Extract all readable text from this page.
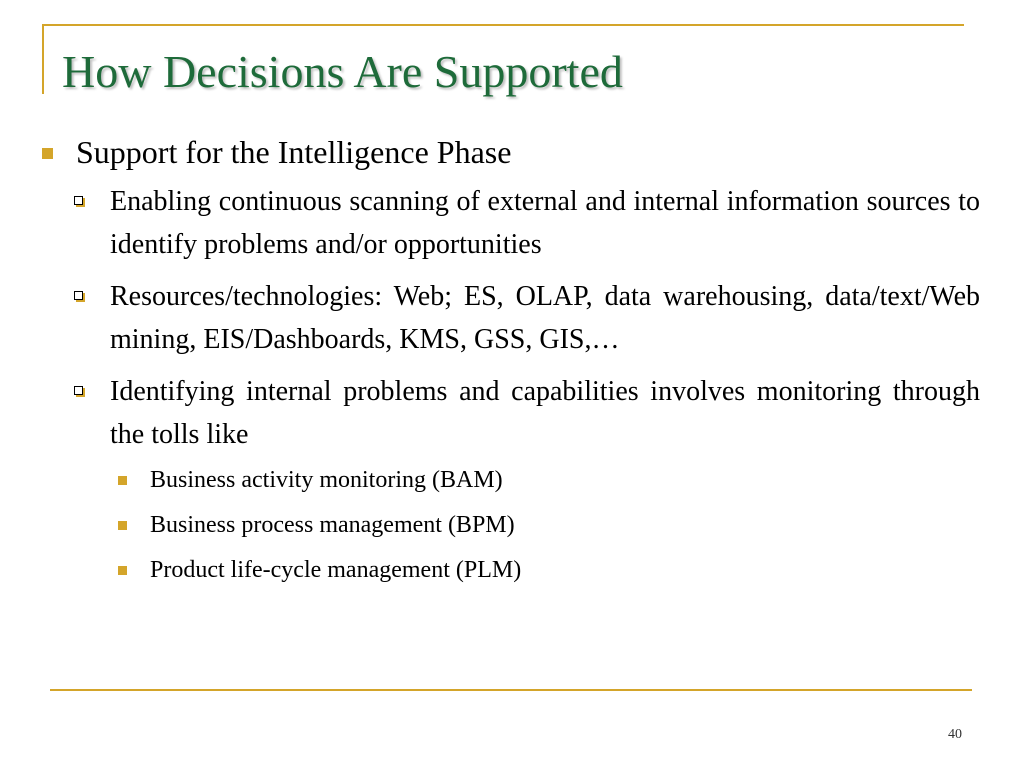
How Decisions Are Supported
Support for the Intelligence Phase
Enabling continuous scanning of external and internal information sources to identify problems and/or opportunities
Resources/technologies: Web; ES, OLAP, data warehousing, data/text/Web mining, EIS/Dashboards, KMS, GSS, GIS,…
Identifying internal problems and capabilities involves monitoring through the tolls like
Business activity monitoring (BAM)
Business process management (BPM)
Product life-cycle management (PLM)
40
